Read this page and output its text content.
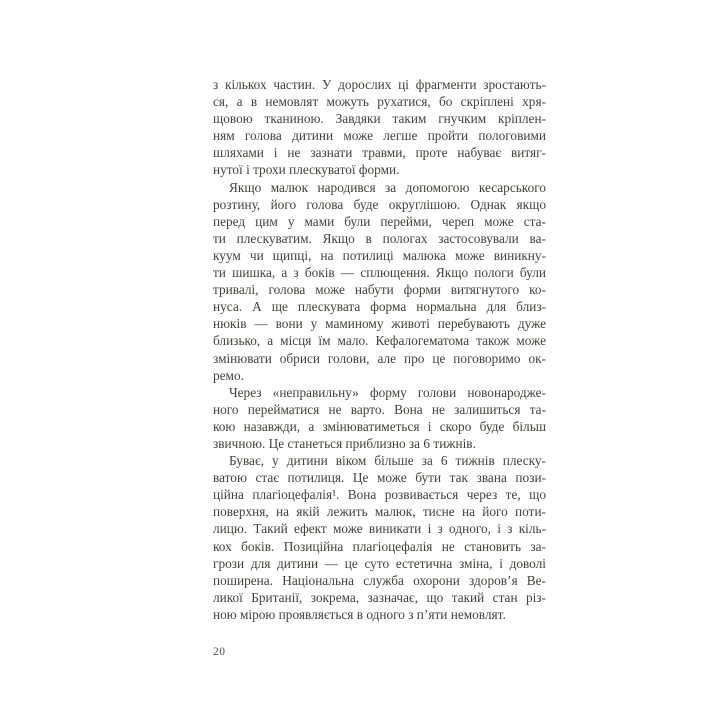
з кількох частин. У дорослих ці фрагменти зростають-
ся, а в немовлят можуть рухатися, бо скріплені хря-
щовою тканиною. Завдяки таким гнучким кріплен-
ням голова дитини може легше пройти пологовими
шляхами і не зазнати травми, проте набуває витяг-
нутої і трохи плескуватої форми.
Якщо малюк народився за допомогою кесарського
розтину, його голова буде округлішою. Однак якщо
перед цим у мами були перейми, череп може ста-
ти плескуватим. Якщо в пологах застосовували ва-
куум чи щипці, на потилиці малюка може виникну-
ти шишка, а з боків — сплющення. Якщо пологи були
тривалі, голова може набути форми витягнутого ко-
нуса. А ще плескувата форма нормальна для близ-
нюків — вони у маминому животі перебувають дуже
близько, а місця їм мало. Кефалогематома також може
змінювати обриси голови, але про це поговоримо ок-
ремо.
Через «неправильну» форму голови новонародже-
ного перейматися не варто. Вона не залишиться та-
кою назавжди, а змінюватиметься і скоро буде більш
звичною. Це станеться приблизно за 6 тижнів.
Буває, у дитини віком більше за 6 тижнів плеску-
ватою стає потилиця. Це може бути так звана пози-
ційна плагіоцефалія¹. Вона розвивається через те, що
поверхня, на якій лежить малюк, тисне на його поти-
лицю. Такий ефект може виникати і з одного, і з кіль-
кох боків. Позиційна плагіоцефалія не становить за-
грози для дитини — це суто естетична зміна, і доволі
поширена. Національна служба охорони здоров’я Ве-
ликої Британії, зокрема, зазначає, що такий стан різ-
ною мірою проявляється в одного з п’яти немовлят.
20
